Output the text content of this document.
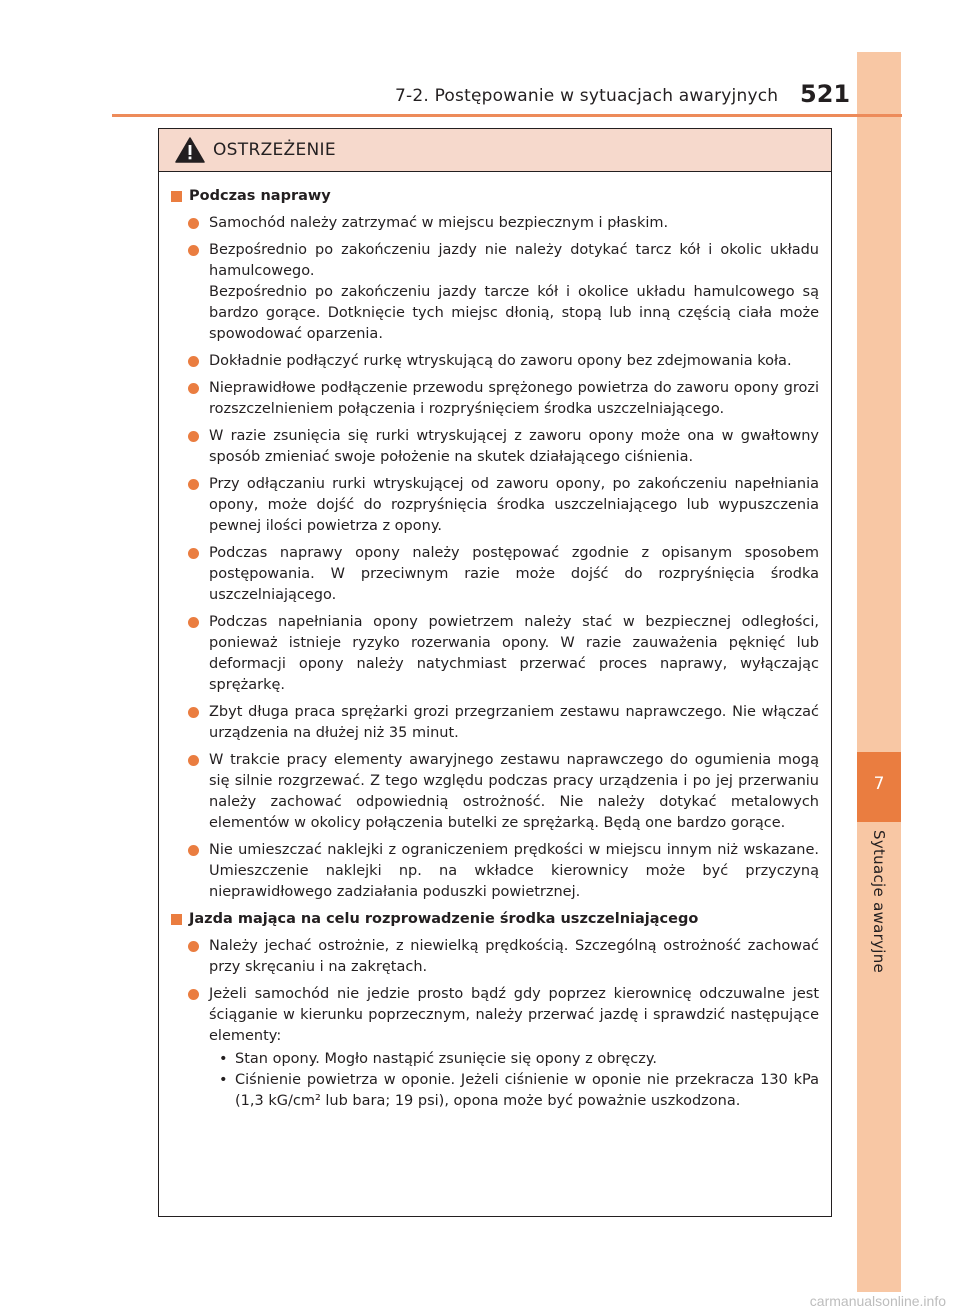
7
Sytuacje awaryjne
7-2. Postępowanie w sytuacjach awaryjnych 521
OSTRZEŻENIE
Podczas naprawy

Samochód należy zatrzymać w miejscu bezpiecznym i płaskim.

Bezpośrednio po zakończeniu jazdy nie należy dotykać tarcz kół i okolic układu hamulcowego.

Bezpośrednio po zakończeniu jazdy tarcze kół i okolice układu hamulcowego są bardzo gorące. Dotknięcie tych miejsc dłonią, stopą lub inną częścią ciała może spowodować oparzenia.

Dokładnie podłączyć rurkę wtryskującą do zaworu opony bez zdejmowania koła.

Nieprawidłowe podłączenie przewodu sprężonego powietrza do zaworu opony grozi rozszczelnieniem połączenia i rozpryśnięciem środka uszczelniającego.

W razie zsunięcia się rurki wtryskującej z zaworu opony może ona w gwałtowny sposób zmieniać swoje położenie na skutek działającego ciśnienia.

Przy odłączaniu rurki wtryskującej od zaworu opony, po zakończeniu napełniania opony, może dojść do rozpryśnięcia środka uszczelniającego lub wypuszczenia pewnej ilości powietrza z opony.

Podczas naprawy opony należy postępować zgodnie z opisanym sposobem postępowania. W przeciwnym razie może dojść do rozpryśnięcia środka uszczelniającego.

Podczas napełniania opony powietrzem należy stać w bezpiecznej odległości, ponieważ istnieje ryzyko rozerwania opony. W razie zauważenia pęknięć lub deformacji opony należy natychmiast przerwać proces naprawy, wyłączając sprężarkę.

Zbyt długa praca sprężarki grozi przegrzaniem zestawu naprawczego. Nie włączać urządzenia na dłużej niż 35 minut.

W trakcie pracy elementy awaryjnego zestawu naprawczego do ogumienia mogą się silnie rozgrzewać. Z tego względu podczas pracy urządzenia i po jej przerwaniu należy zachować odpowiednią ostrożność. Nie należy dotykać metalowych elementów w okolicy połączenia butelki ze sprężarką. Będą one bardzo gorące.

Nie umieszczać naklejki z ograniczeniem prędkości w miejscu innym niż wskazane. Umieszczenie naklejki np. na wkładce kierownicy może być przyczyną nieprawidłowego zadziałania poduszki powietrznej.

Jazda mająca na celu rozprowadzenie środka uszczelniającego

Należy jechać ostrożnie, z niewielką prędkością. Szczególną ostrożność zachować przy skręcaniu i na zakrętach.

Jeżeli samochód nie jedzie prosto bądź gdy poprzez kierownicę odczuwalne jest ściąganie w kierunku poprzecznym, należy przerwać jazdę i sprawdzić następujące elementy:

• Stan opony. Mogło nastąpić zsunięcie się opony z obręczy.
• Ciśnienie powietrza w oponie. Jeżeli ciśnienie w oponie nie przekracza 130 kPa (1,3 kG/cm² lub bara; 19 psi), opona może być poważnie uszkodzona.
carmanualsonline.info
